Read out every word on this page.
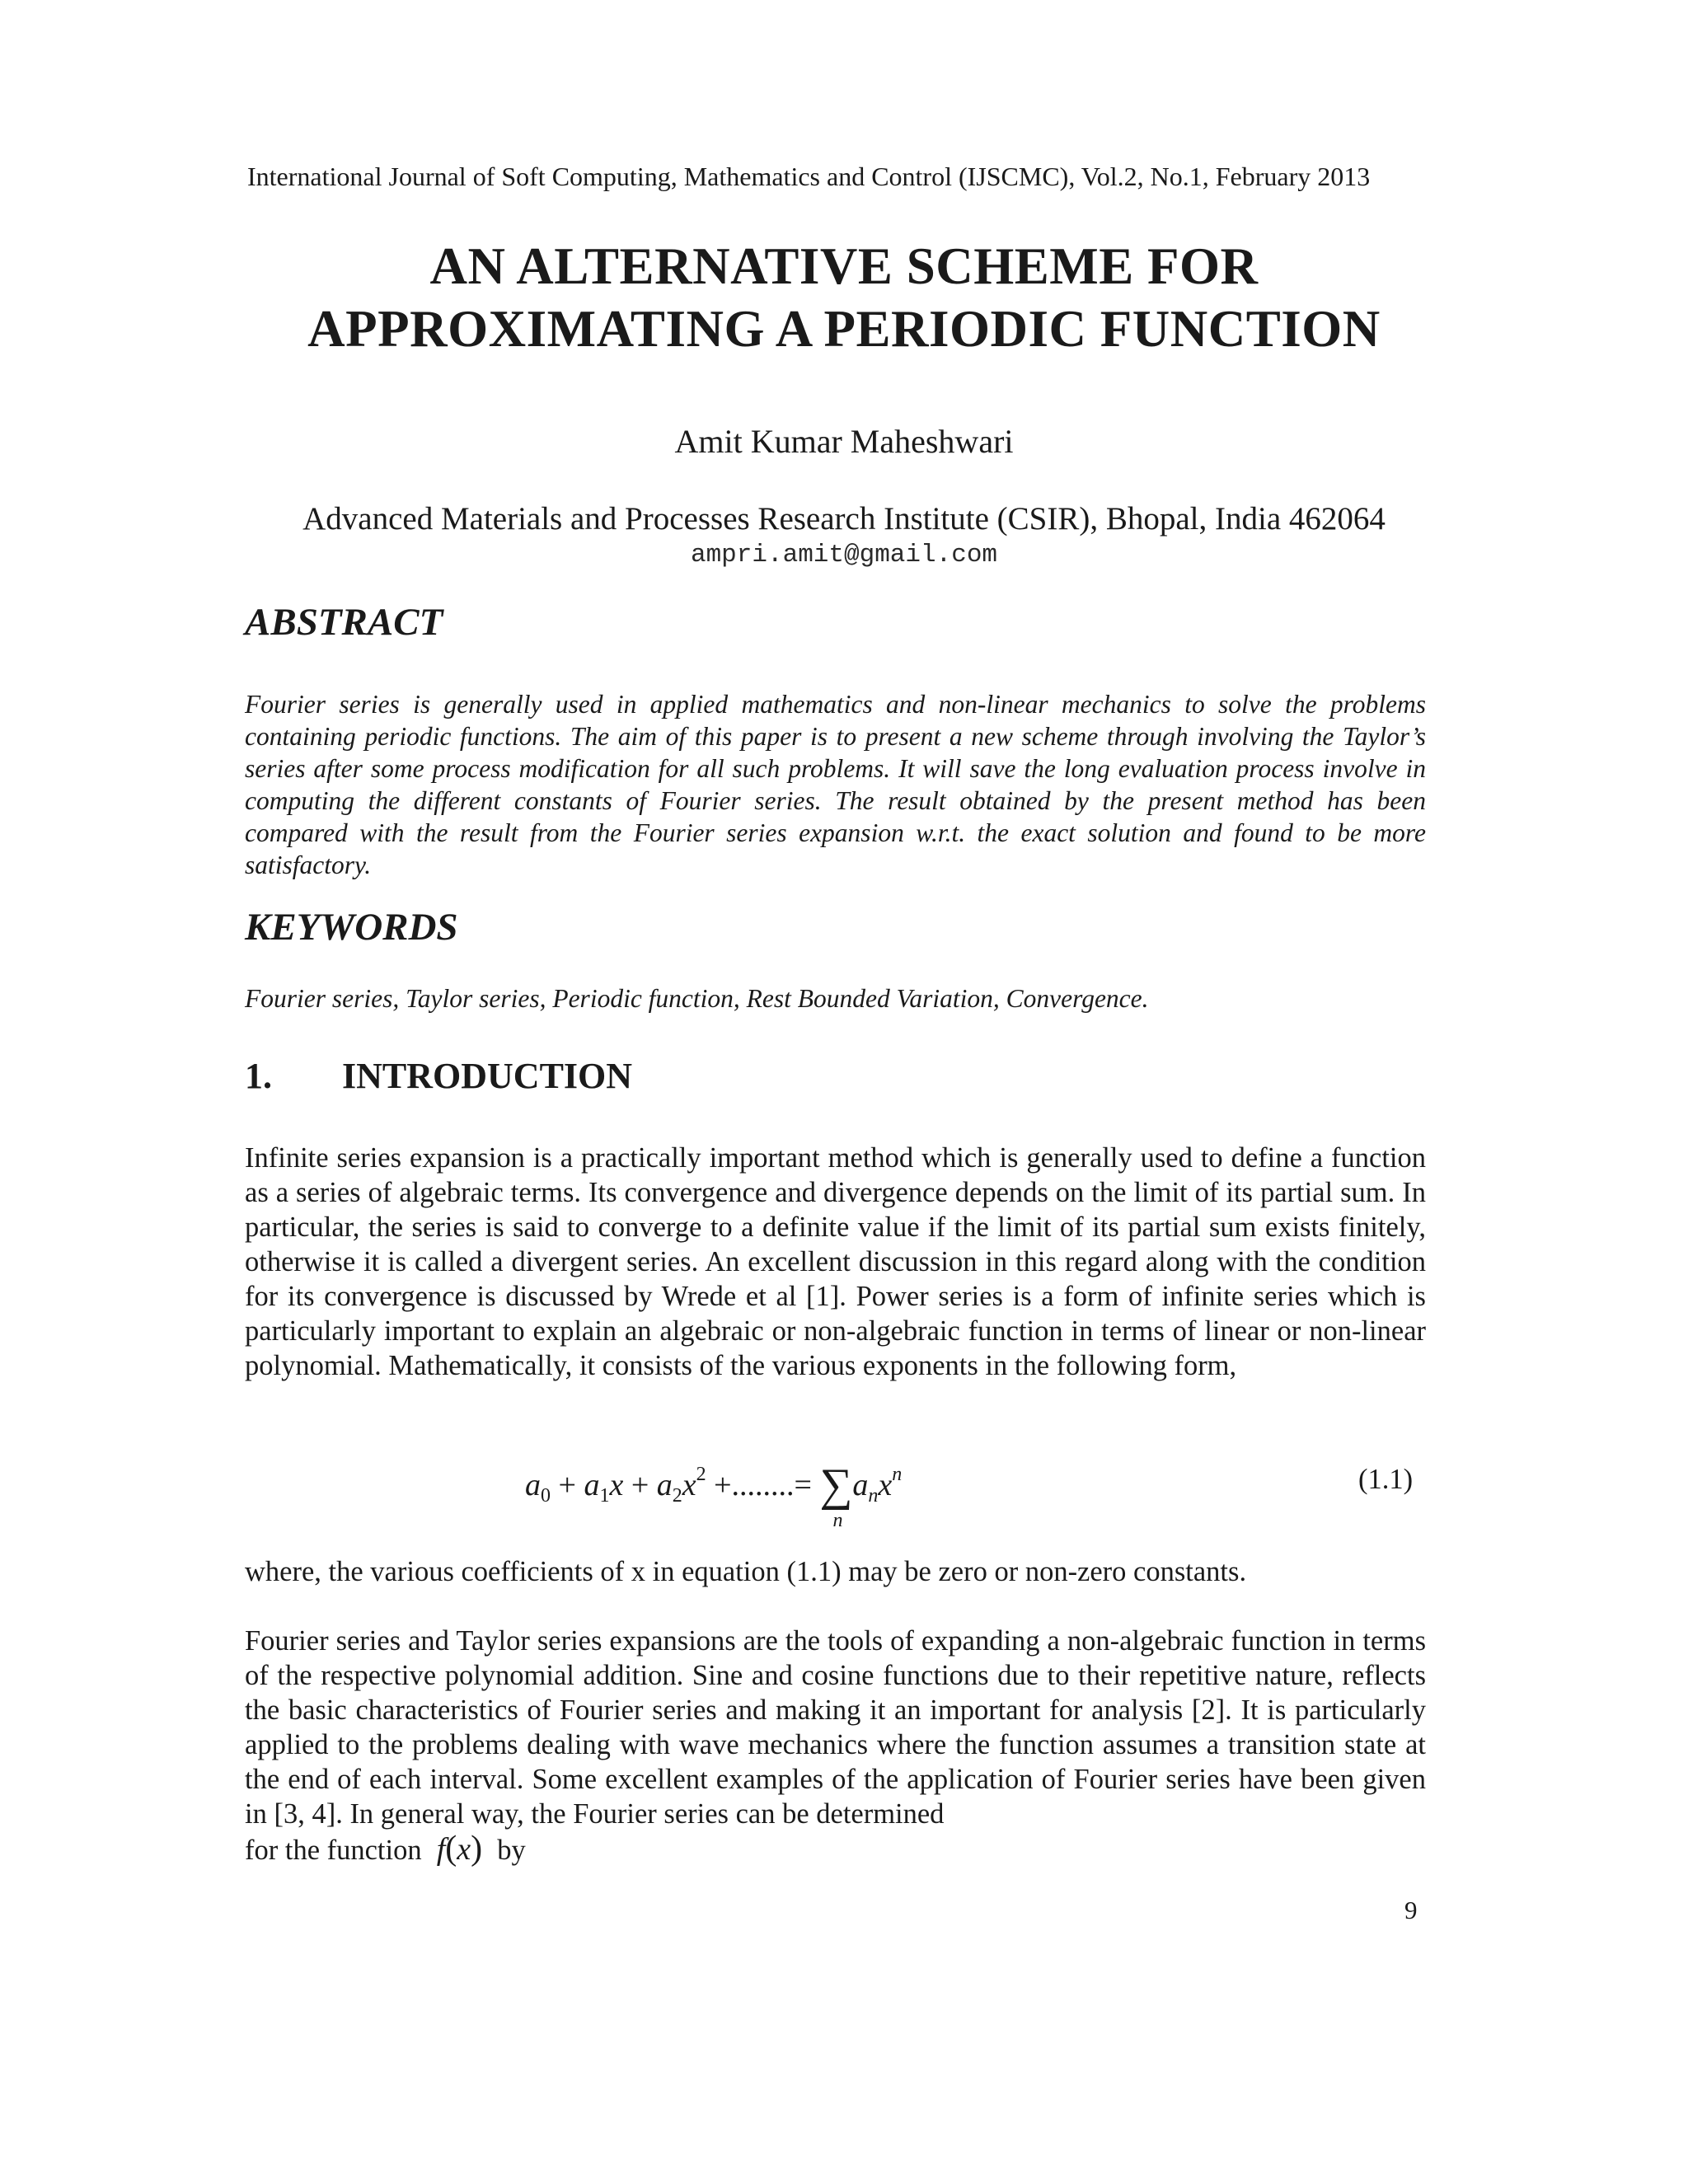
International Journal of Soft Computing, Mathematics and Control (IJSCMC), Vol.2, No.1, February 2013
AN ALTERNATIVE SCHEME FOR
APPROXIMATING A PERIODIC FUNCTION
Amit Kumar Maheshwari
Advanced Materials and Processes Research Institute (CSIR), Bhopal, India 462064
ampri.amit@gmail.com
ABSTRACT
Fourier series is generally used in applied mathematics and non-linear mechanics to solve the problems containing periodic functions. The aim of this paper is to present a new scheme through involving the Taylor’s series after some process modification for all such problems. It will save the long evaluation process involve in computing the different constants of Fourier series. The result obtained by the present method has been compared with the result from the Fourier series expansion w.r.t. the exact solution and found to be more satisfactory.
KEYWORDS
Fourier series, Taylor series, Periodic function, Rest Bounded Variation, Convergence.
1. INTRODUCTION
Infinite series expansion is a practically important method which is generally used to define a function as a series of algebraic terms. Its convergence and divergence depends on the limit of its partial sum. In particular, the series is said to converge to a definite value if the limit of its partial sum exists finitely, otherwise it is called a divergent series. An excellent discussion in this regard along with the condition for its convergence is discussed by Wrede et al [1]. Power series is a form of infinite series which is particularly important to explain an algebraic or non-algebraic function in terms of linear or non-linear polynomial. Mathematically, it consists of the various exponents in the following form,
$a_0 + a_1x + a_2x^2$ +........= ∑
n
$a_nx^n$	(1.1)
where, the various coefficients of x in equation (1.1) may be zero or non-zero constants.
Fourier series and Taylor series expansions are the tools of expanding a non-algebraic function in terms of the respective polynomial addition. Sine and cosine functions due to their repetitive nature, reflects the basic characteristics of Fourier series and making it an important for analysis [2]. It is particularly applied to the problems dealing with wave mechanics where the function assumes a transition state at the end of each interval. Some excellent examples of the application of Fourier series have been given in [3, 4]. In general way, the Fourier series can be determined
for the function  f(x) by
9
